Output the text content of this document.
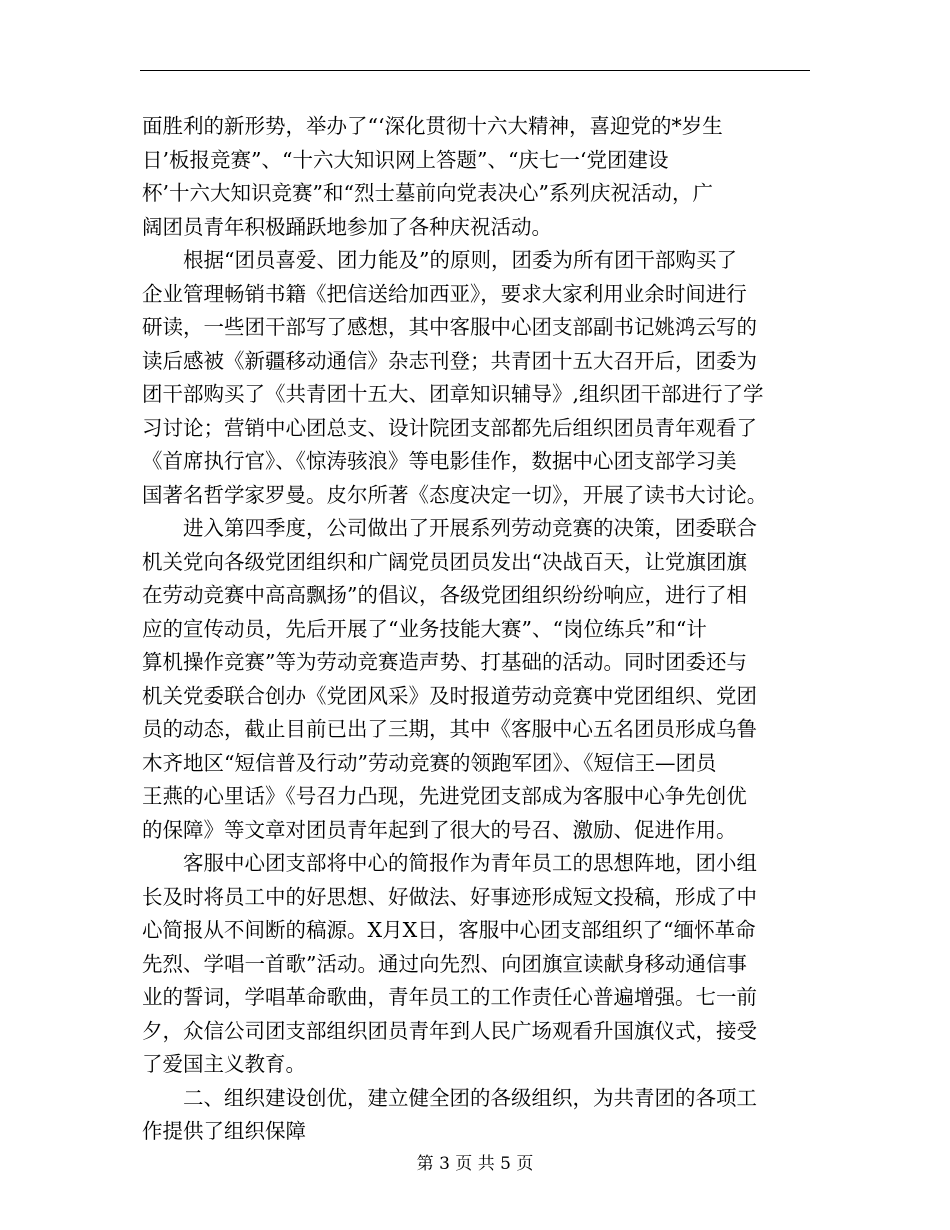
面胜利的新形势，举办了“‘深化贯彻十六大精神，喜迎党的*岁生
日’板报竞赛”、“十六大知识网上答题”、“庆七一‘党团建设
杯’十六大知识竞赛”和“烈士墓前向党表决心”系列庆祝活动，广
阔团员青年积极踊跃地参加了各种庆祝活动。
根据“团员喜爱、团力能及”的原则，团委为所有团干部购买了
企业管理畅销书籍《把信送给加西亚》，要求大家利用业余时间进行
研读，一些团干部写了感想，其中客服中心团支部副书记姚鸿云写的
读后感被《新疆移动通信》杂志刊登；共青团十五大召开后，团委为
团干部购买了《共青团十五大、团章知识辅导》,组织团干部进行了学
习讨论；营销中心团总支、设计院团支部都先后组织团员青年观看了
《首席执行官》、《惊涛骇浪》等电影佳作，数据中心团支部学习美
国著名哲学家罗曼。皮尔所著《态度决定一切》，开展了读书大讨论。
进入第四季度，公司做出了开展系列劳动竞赛的决策，团委联合
机关党向各级党团组织和广阔党员团员发出“决战百天，让党旗团旗
在劳动竞赛中高高飘扬”的倡议，各级党团组织纷纷响应，进行了相
应的宣传动员，先后开展了“业务技能大赛”、“岗位练兵”和“计
算机操作竞赛”等为劳动竞赛造声势、打基础的活动。同时团委还与
机关党委联合创办《党团风采》及时报道劳动竞赛中党团组织、党团
员的动态，截止目前已出了三期，其中《客服中心五名团员形成乌鲁
木齐地区“短信普及行动”劳动竞赛的领跑军团》、《短信王—团员
王燕的心里话》《号召力凸现，先进党团支部成为客服中心争先创优
的保障》等文章对团员青年起到了很大的号召、激励、促进作用。
客服中心团支部将中心的简报作为青年员工的思想阵地，团小组
长及时将员工中的好思想、好做法、好事迹形成短文投稿，形成了中
心简报从不间断的稿源。X月X日，客服中心团支部组织了“缅怀革命
先烈、学唱一首歌”活动。通过向先烈、向团旗宣读献身移动通信事
业的誓词，学唱革命歌曲，青年员工的工作责任心普遍增强。七一前
夕，众信公司团支部组织团员青年到人民广场观看升国旗仪式，接受
了爱国主义教育。
二、组织建设创优，建立健全团的各级组织，为共青团的各项工
作提供了组织保障
第 3 页 共 5 页
